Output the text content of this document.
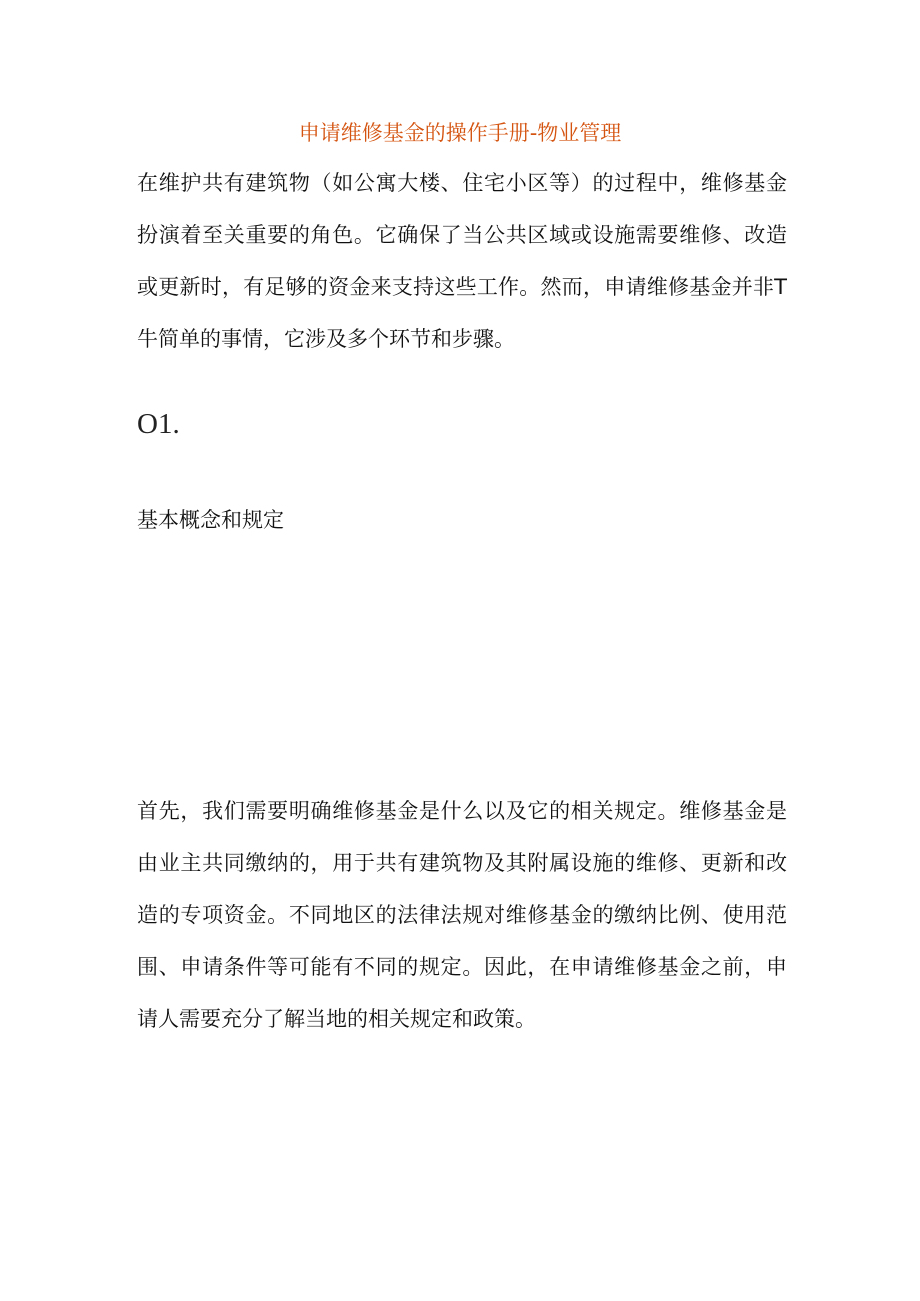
申请维修基金的操作手册-物业管理

在维护共有建筑物（如公寓大楼、住宅小区等）的过程中，维修基金扮演着至关重要的角色。它确保了当公共区域或设施需要维修、改造或更新时，有足够的资金来支持这些工作。然而，申请维修基金并非T牛简单的事情，它涉及多个环节和步骤。

O1.
基本概念和规定

首先，我们需要明确维修基金是什么以及它的相关规定。维修基金是由业主共同缴纳的，用于共有建筑物及其附属设施的维修、更新和改造的专项资金。不同地区的法律法规对维修基金的缴纳比例、使用范围、申请条件等可能有不同的规定。因此，在申请维修基金之前，申请人需要充分了解当地的相关规定和政策。
